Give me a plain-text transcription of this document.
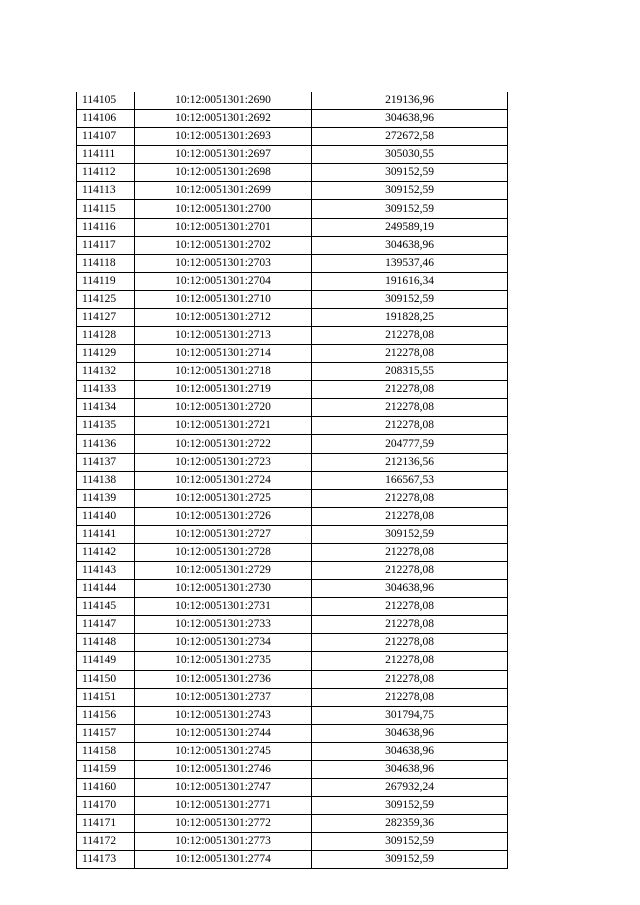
114105	10:12:0051301:2690	219136,96
114106	10:12:0051301:2692	304638,96
114107	10:12:0051301:2693	272672,58
114111	10:12:0051301:2697	305030,55
114112	10:12:0051301:2698	309152,59
114113	10:12:0051301:2699	309152,59
114115	10:12:0051301:2700	309152,59
114116	10:12:0051301:2701	249589,19
114117	10:12:0051301:2702	304638,96
114118	10:12:0051301:2703	139537,46
114119	10:12:0051301:2704	191616,34
114125	10:12:0051301:2710	309152,59
114127	10:12:0051301:2712	191828,25
114128	10:12:0051301:2713	212278,08
114129	10:12:0051301:2714	212278,08
114132	10:12:0051301:2718	208315,55
114133	10:12:0051301:2719	212278,08
114134	10:12:0051301:2720	212278,08
114135	10:12:0051301:2721	212278,08
114136	10:12:0051301:2722	204777,59
114137	10:12:0051301:2723	212136,56
114138	10:12:0051301:2724	166567,53
114139	10:12:0051301:2725	212278,08
114140	10:12:0051301:2726	212278,08
114141	10:12:0051301:2727	309152,59
114142	10:12:0051301:2728	212278,08
114143	10:12:0051301:2729	212278,08
114144	10:12:0051301:2730	304638,96
114145	10:12:0051301:2731	212278,08
114147	10:12:0051301:2733	212278,08
114148	10:12:0051301:2734	212278,08
114149	10:12:0051301:2735	212278,08
114150	10:12:0051301:2736	212278,08
114151	10:12:0051301:2737	212278,08
114156	10:12:0051301:2743	301794,75
114157	10:12:0051301:2744	304638,96
114158	10:12:0051301:2745	304638,96
114159	10:12:0051301:2746	304638,96
114160	10:12:0051301:2747	267932,24
114170	10:12:0051301:2771	309152,59
114171	10:12:0051301:2772	282359,36
114172	10:12:0051301:2773	309152,59
114173	10:12:0051301:2774	309152,59
